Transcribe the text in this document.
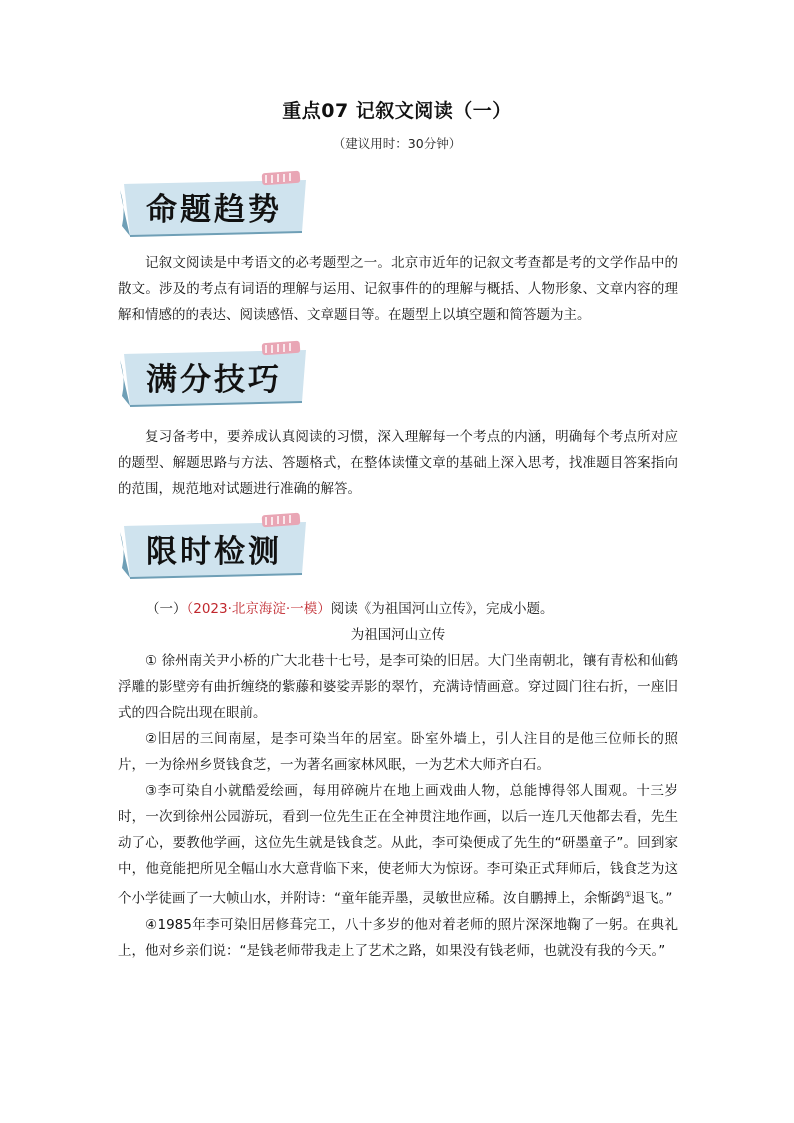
重点07 记叙文阅读（一）
（建议用时：30分钟）
命题趋势

记叙文阅读是中考语文的必考题型之一。北京市近年的记叙文考查都是考的文学作品中的散文。涉及的考点有词语的理解与运用、记叙事件的的理解与概括、人物形象、文章内容的理解和情感的的表达、阅读感悟、文章题目等。在题型上以填空题和简答题为主。

满分技巧

复习备考中，要养成认真阅读的习惯，深入理解每一个考点的内涵，明确每个考点所对应的题型、解题思路与方法、答题格式，在整体读懂文章的基础上深入思考，找准题目答案指向的范围，规范地对试题进行准确的解答。

限时检测

（一）（2023·北京海淀·一模）阅读《为祖国河山立传》，完成小题。

为祖国河山立传

① 徐州南关尹小桥的广大北巷十七号，是李可染的旧居。大门坐南朝北，镶有青松和仙鹤浮雕的影壁旁有曲折缠绕的紫藤和婆娑弄影的翠竹，充满诗情画意。穿过圆门往右折，一座旧式的四合院出现在眼前。

②旧居的三间南屋，是李可染当年的居室。卧室外墙上，引人注目的是他三位师长的照片，一为徐州乡贤钱食芝，一为著名画家林风眠，一为艺术大师齐白石。

③李可染自小就酷爱绘画，每用碎碗片在地上画戏曲人物，总能博得邻人围观。十三岁时，一次到徐州公园游玩，看到一位先生正在全神贯注地作画，以后一连几天他都去看，先生动了心，要教他学画，这位先生就是钱食芝。从此，李可染便成了先生的“研墨童子”。回到家中，他竟能把所见全幅山水大意背临下来，使老师大为惊讶。李可染正式拜师后，钱食芝为这个小学徒画了一大帧山水，并附诗：“童年能弄墨，灵敏世应稀。汝自鹏搏上，余惭鹢①退飞。”

④1985年李可染旧居修葺完工，八十多岁的他对着老师的照片深深地鞠了一躬。在典礼上，他对乡亲们说：“是钱老师带我走上了艺术之路，如果没有钱老师，也就没有我的今天。”
